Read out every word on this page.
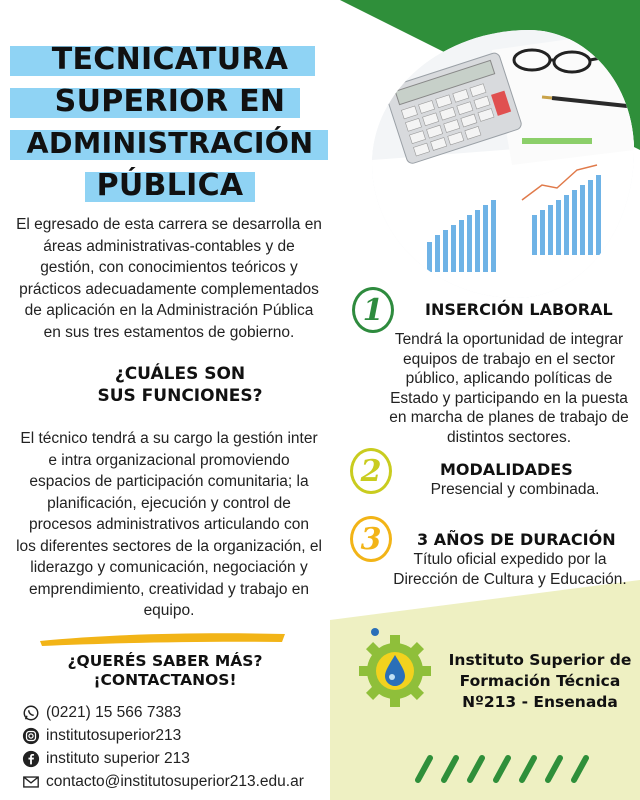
TECNICATURA
SUPERIOR EN
ADMINISTRACIÓN
PÚBLICA
El egresado de esta carrera se desarrolla en
áreas administrativas-contables y de
gestión, con conocimientos teóricos y
prácticos adecuadamente complementados
de aplicación en la Administración Pública
en sus tres estamentos de gobierno.
¿CUÁLES SON
SUS FUNCIONES?
El técnico tendrá a su cargo la gestión inter
e intra organizacional promoviendo
espacios de participación comunitaria; la
planificación, ejecución y control de
procesos administrativos articulando con
los diferentes sectores de la organización, el
liderazgo y comunicación, negociación y
emprendimiento, creatividad y trabajo en
equipo.
¿QUERÉS SABER MÁS?
¡CONTACTANOS!
(0221) 15 566 7383
institutosuperior213
instituto superior 213
contacto@institutosuperior213.edu.ar
1	INSERCIÓN LABORAL
Tendrá la oportunidad de integrar
equipos de trabajo en el sector
público, aplicando políticas de
Estado y participando en la puesta
en marcha de planes de trabajo de
distintos sectores.
2	MODALIDADES
Presencial y combinada.
3 3 AÑOS DE DURACIÓN
Título oficial expedido por la
Dirección de Cultura y Educación.
Instituto Superior de
Formación Técnica
Nº213 - Ensenada
